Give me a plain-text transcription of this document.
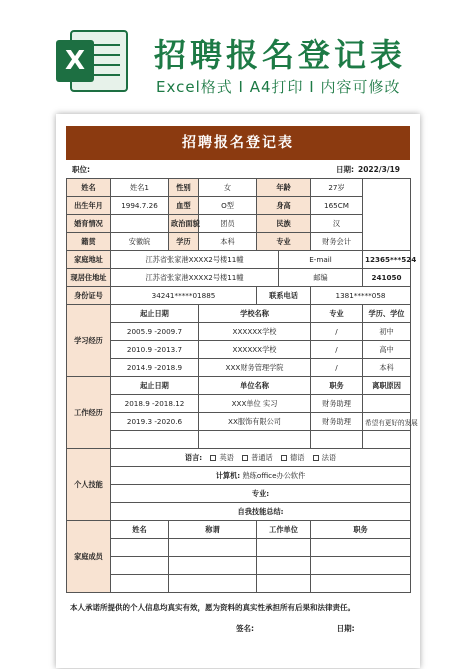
X 招聘报名登记表
Excel格式 I A4打印 I 内容可修改
招聘报名登记表
职位:	日期: 2022/3/19
姓名	姓名1	性别	女	年龄		27岁		
出生年月	1994.7.26	血型	O型	身高		165CM		
婚育情况		政治面貌	团员	民族		汉		
籍贯	安徽皖	学历	本科	专业		财务会计		
家庭地址	江苏省张家港XXXX2号楼11幢				E-mail		12365***524	
现居住地址	江苏省张家港XXXX2号楼11幢				邮编		241050	
身份证号	34241*****01885			联系电话		1381*****058		
学习经历	起止日期		学校名称			专业	学历、学位	
	2005.9 -2009.7		XXXXXX学校			/	初中	
	2010.9 -2013.7		XXXXXX学校			/	高中	
	2014.9 -2018.9		XXX财务管理学院			/	本科	
工作经历	起止日期		单位名称			职务	离职原因	
	2018.9 -2018.12		XXX单位 实习			财务助理		
	2019.3 -2020.6		XX服饰有限公司			财务助理	希望有更好的发展	

个人技能	语言: 英语 普通话 德语 法语							
	计算机: 熟练office办公软件							
	专业:							
	自我技能总结:							
家庭成员	姓名	称谓		工作单位		职务	

本人承诺所提供的个人信息均真实有效，愿为资料的真实性承担所有后果和法律责任。
签名:	日期:
